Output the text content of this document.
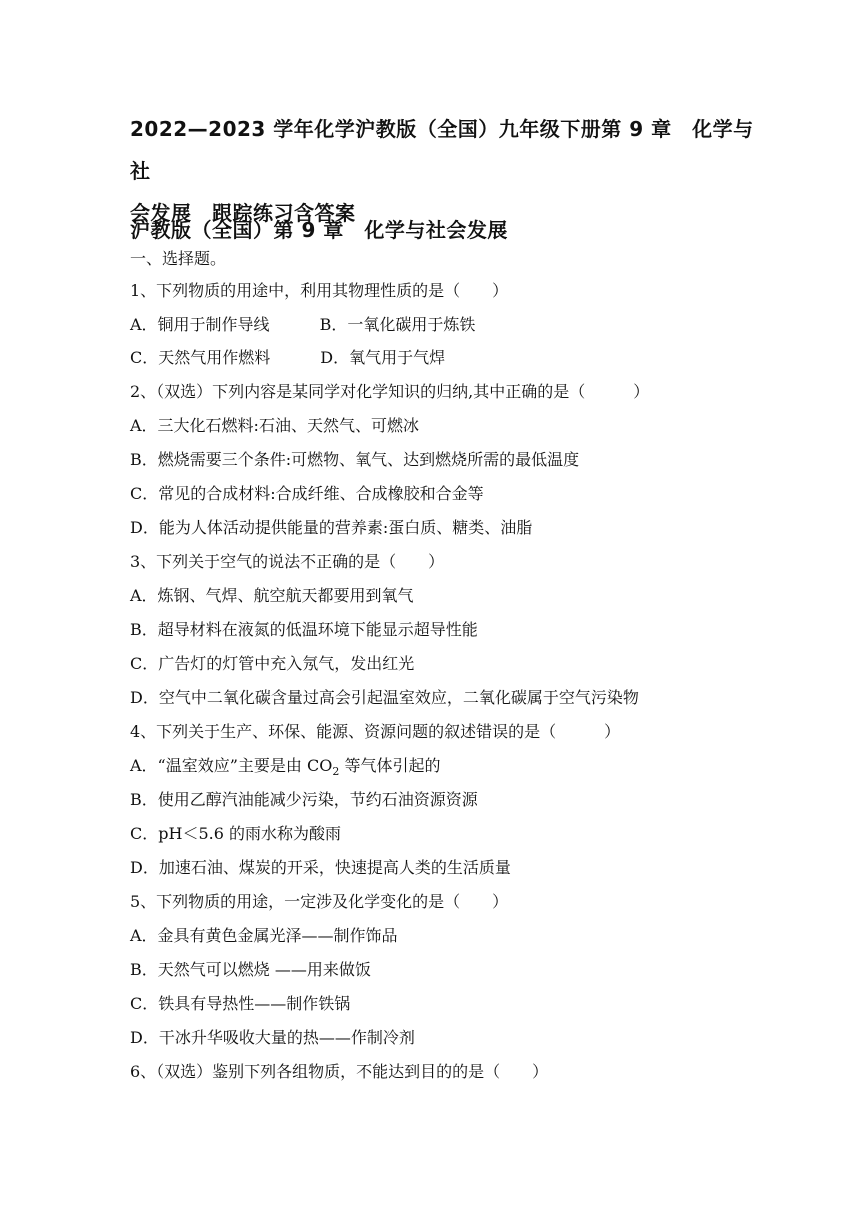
2022—2023 学年化学沪教版（全国）九年级下册第 9 章　化学与社
会发展　跟踪练习含答案
沪教版（全国）第 9 章　化学与社会发展
一、选择题。
1、下列物质的用途中，利用其物理性质的是（　　）
A．铜用于制作导线	B．一氧化碳用于炼铁
C．天然气用作燃料	D．氧气用于气焊
2、（双选）下列内容是某同学对化学知识的归纳,其中正确的是（　　　）
A．三大化石燃料:石油、天然气、可燃冰
B．燃烧需要三个条件:可燃物、氧气、达到燃烧所需的最低温度
C．常见的合成材料:合成纤维、合成橡胶和合金等
D．能为人体活动提供能量的营养素:蛋白质、糖类、油脂
3、下列关于空气的说法不正确的是（　　）
A．炼钢、气焊、航空航天都要用到氧气
B．超导材料在液氮的低温环境下能显示超导性能
C．广告灯的灯管中充入氖气，发出红光
D．空气中二氧化碳含量过高会引起温室效应，二氧化碳属于空气污染物
4、下列关于生产、环保、能源、资源问题的叙述错误的是（　　　）
A．“温室效应”主要是由 $CO_2$ 等气体引起的
B．使用乙醇汽油能减少污染，节约石油资源资源
C．pH＜5.6 的雨水称为酸雨
D．加速石油、煤炭的开采，快速提高人类的生活质量
5、下列物质的用途，一定涉及化学变化的是（　　）
A．金具有黄色金属光泽——制作饰品
B．天然气可以燃烧 ——用来做饭
C．铁具有导热性——制作铁锅
D．干冰升华吸收大量的热——作制冷剂
6、（双选）鉴别下列各组物质，不能达到目的的是（　　）
